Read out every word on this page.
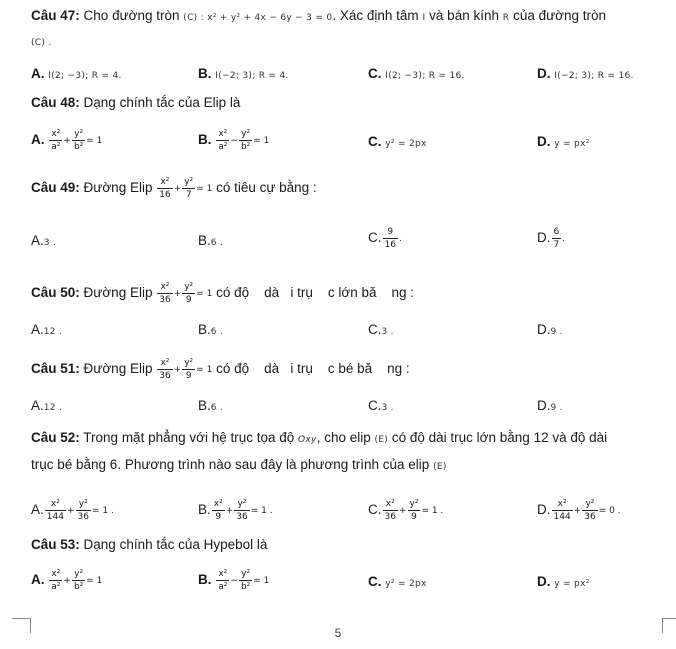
Câu 47: Cho đường tròn (C) : x² + y² + 4x − 6y − 3 = 0. Xác định tâm I và bán kính R của đường tròn
(C) .
A. I(2; −3); R = 4.	B. I(−2; 3); R = 4.	C. I(2; −3); R = 16.	D. I(−2; 3); R = 16.
Câu 48: Dạng chính tắc của Elip là
A. $\frac{\text{x²}}{\text{a²}} + \frac{\text{y²}}{\text{b²}} = 1$	B. $\frac{\text{x²}}{\text{a²}} - \frac{\text{y²}}{\text{b²}} = 1$	C. y² = 2px	D. y = px²
Câu 49: Đường Elip $\frac{\text{x²}}{16} + \frac{\text{y²}}{7} = 1$ có tiêu cự bằng :
A.3 .	B.6 .	C. $\frac{9}{16}$ .	D. $\frac{6}{7}$ .
Câu 50: Đường Elip $\frac{\text{x²}}{36} + \frac{\text{y²}}{9} = 1$ có độ    dà   i trụ    c lớn bă    ng :
A.12 .	B.6 .	C.3 .	D.9 .
Câu 51: Đường Elip $\frac{\text{x²}}{36} + \frac{\text{y²}}{9} = 1$ có độ    dà   i trụ    c bé bă    ng :
A.12 .	B.6 .	C.3 .	D.9 .
Câu 52: Trong mặt phẳng với hệ trục tọa độ Oxy, cho elip (E) có độ dài trục lớn bằng 12 và độ dài
trục bé bằng 6. Phương trình nào sau đây là phương trình của elip (E)
A. $\frac{\text{x²}}{144} + \frac{\text{y²}}{36} = 1$ .	B. $\frac{\text{x²}}{9} + \frac{\text{y²}}{36} = 1$ .	C. $\frac{\text{x²}}{36} + \frac{\text{y²}}{9} = 1$ .	D. $\frac{\text{x²}}{144} + \frac{\text{y²}}{36} = 0$ .
Câu 53: Dạng chính tắc của Hypebol là
A. $\frac{\text{x²}}{\text{a²}} + \frac{\text{y²}}{\text{b²}} = 1$	B. $\frac{\text{x²}}{\text{a²}} - \frac{\text{y²}}{\text{b²}} = 1$	C. y² = 2px	D. y = px²
5
